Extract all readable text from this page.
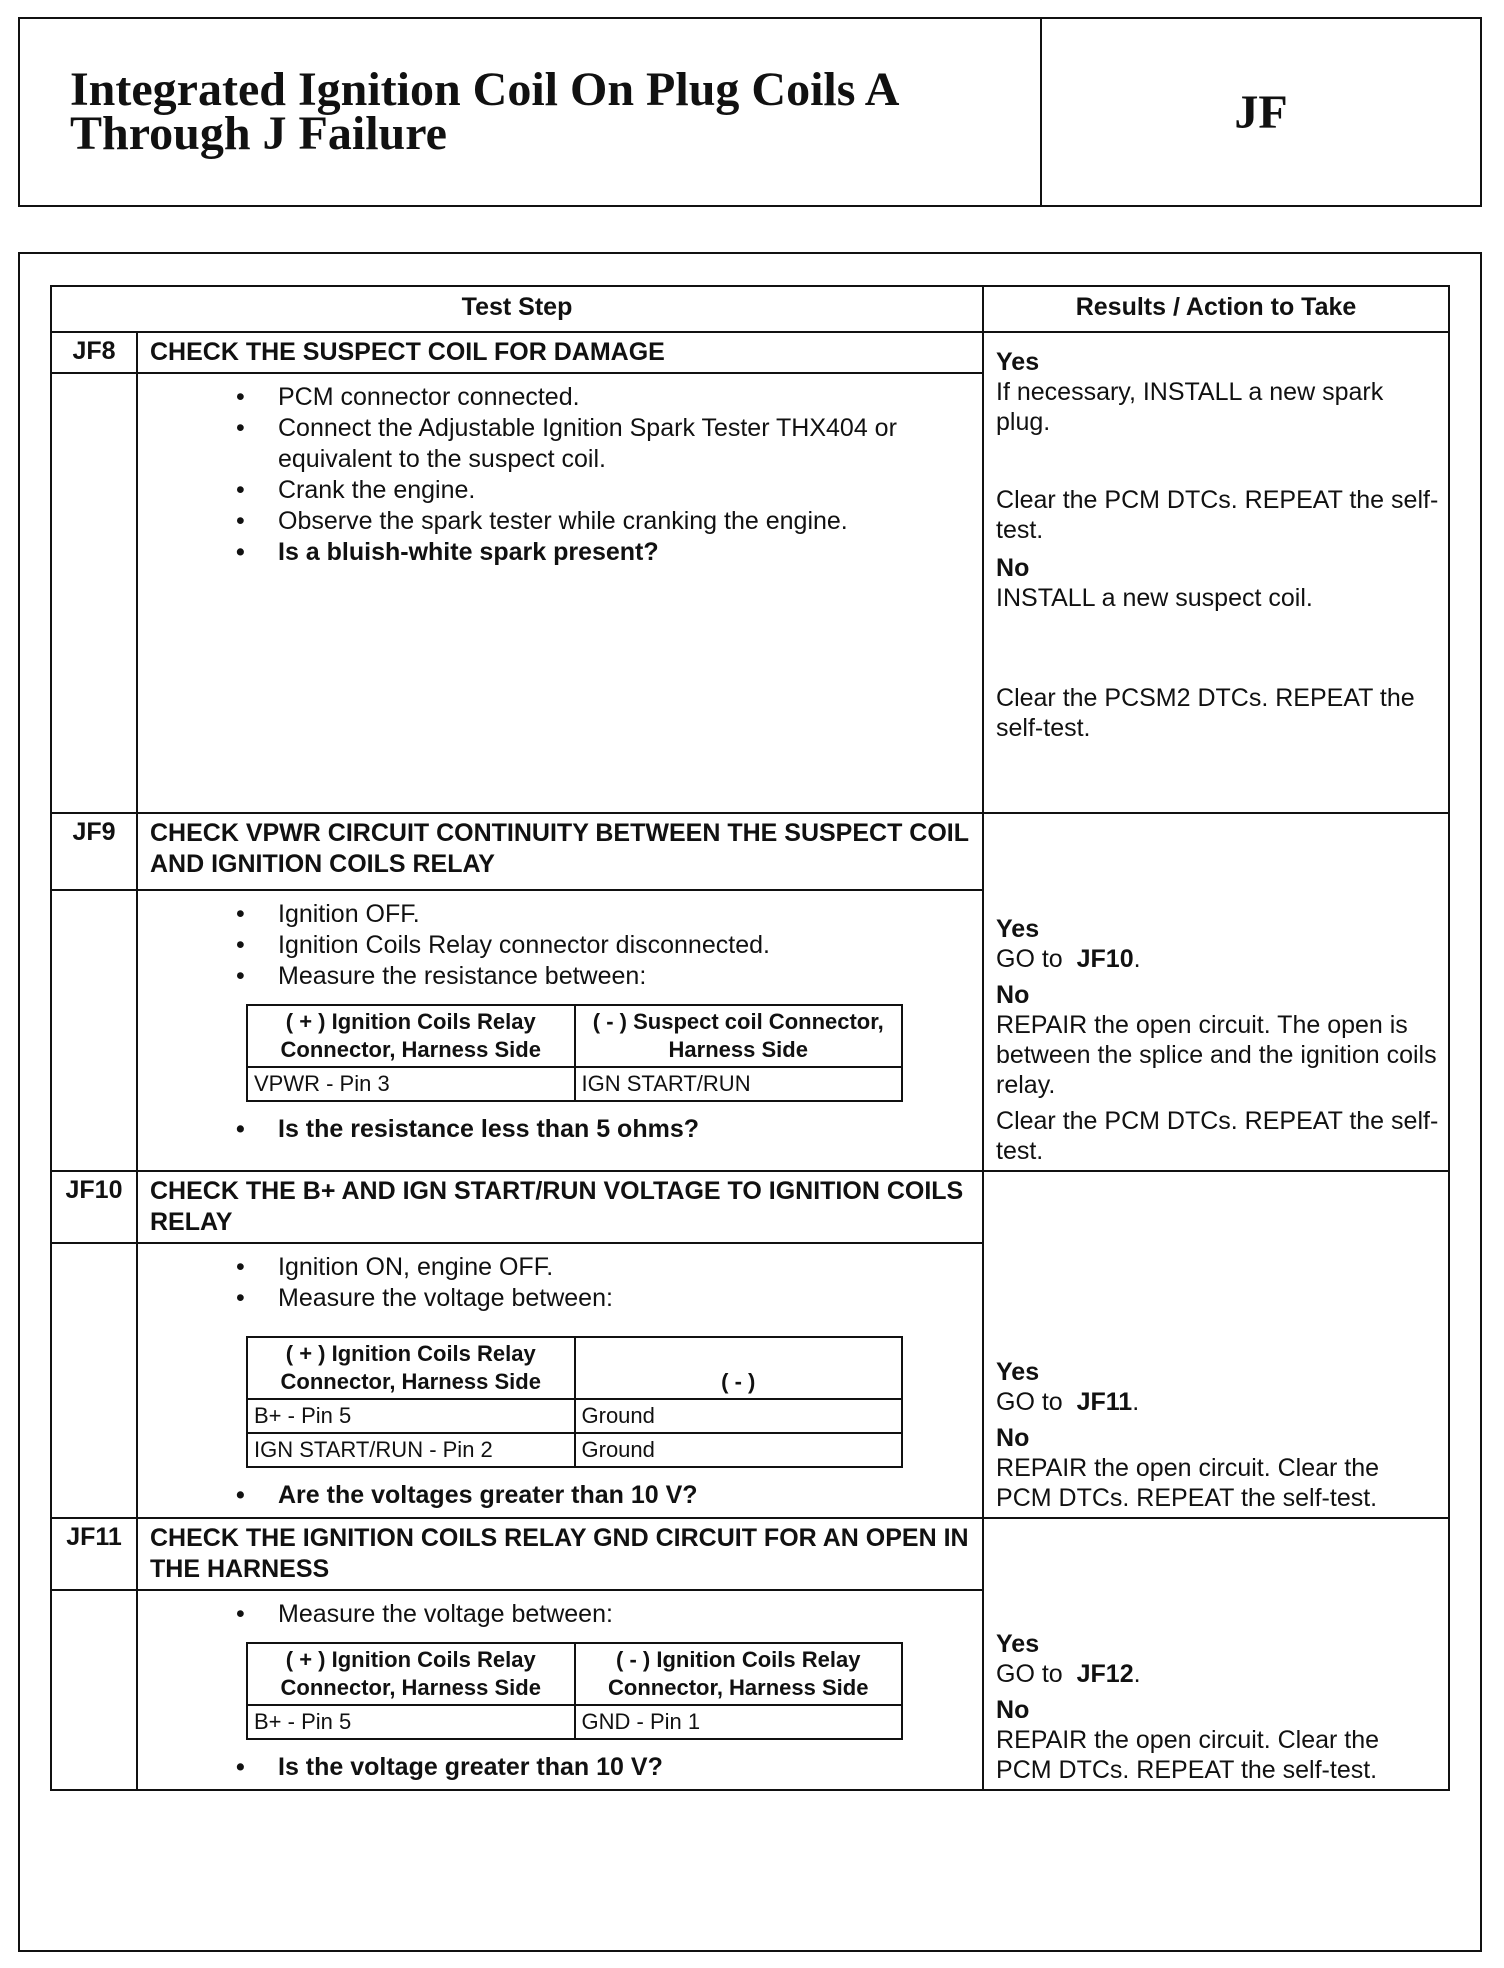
Integrated Ignition Coil On Plug Coils A Through J Failure	JF
Test Step	Results / Action to Take
JF8	CHECK THE SUSPECT COIL FOR DAMAGE	Yes
If necessary, INSTALL a new spark plug.
Clear the PCM DTCs. REPEAT the self-test.
No
INSTALL a new suspect coil.
Clear the PCSM2 DTCs. REPEAT the self-test.

• PCM connector connected.
• Connect the Adjustable Ignition Spark Tester THX404 or equivalent to the suspect coil.
• Crank the engine.
• Observe the spark tester while cranking the engine.
• Is a bluish-white spark present?

JF9	CHECK VPWR CIRCUIT CONTINUITY BETWEEN THE SUSPECT COIL AND IGNITION COILS RELAY	
Yes
GO to JF10.
No
REPAIR the open circuit. The open is between the splice and the ignition coils relay.
Clear the PCM DTCs. REPEAT the self-test.

• Ignition OFF.
• Ignition Coils Relay connector disconnected.
• Measure the resistance between:
( + ) Ignition Coils Relay Connector, Harness Side	( - ) Suspect coil Connector, Harness Side
VPWR - Pin 3	IGN START/RUN
• Is the resistance less than 5 ohms?

JF10	CHECK THE B+ AND IGN START/RUN VOLTAGE TO IGNITION COILS RELAY	
Yes
GO to JF11.
No
REPAIR the open circuit. Clear the PCM DTCs. REPEAT the self-test.

• Ignition ON, engine OFF.
• Measure the voltage between:
( + ) Ignition Coils Relay Connector, Harness Side	( - )
B+ - Pin 5	Ground
IGN START/RUN - Pin 2	Ground
• Are the voltages greater than 10 V?

JF11	CHECK THE IGNITION COILS RELAY GND CIRCUIT FOR AN OPEN IN THE HARNESS	
Yes
GO to JF12.
No
REPAIR the open circuit. Clear the PCM DTCs. REPEAT the self-test.

• Measure the voltage between:
( + ) Ignition Coils Relay Connector, Harness Side	( - ) Ignition Coils Relay Connector, Harness Side
B+ - Pin 5	GND - Pin 1
• Is the voltage greater than 10 V?
